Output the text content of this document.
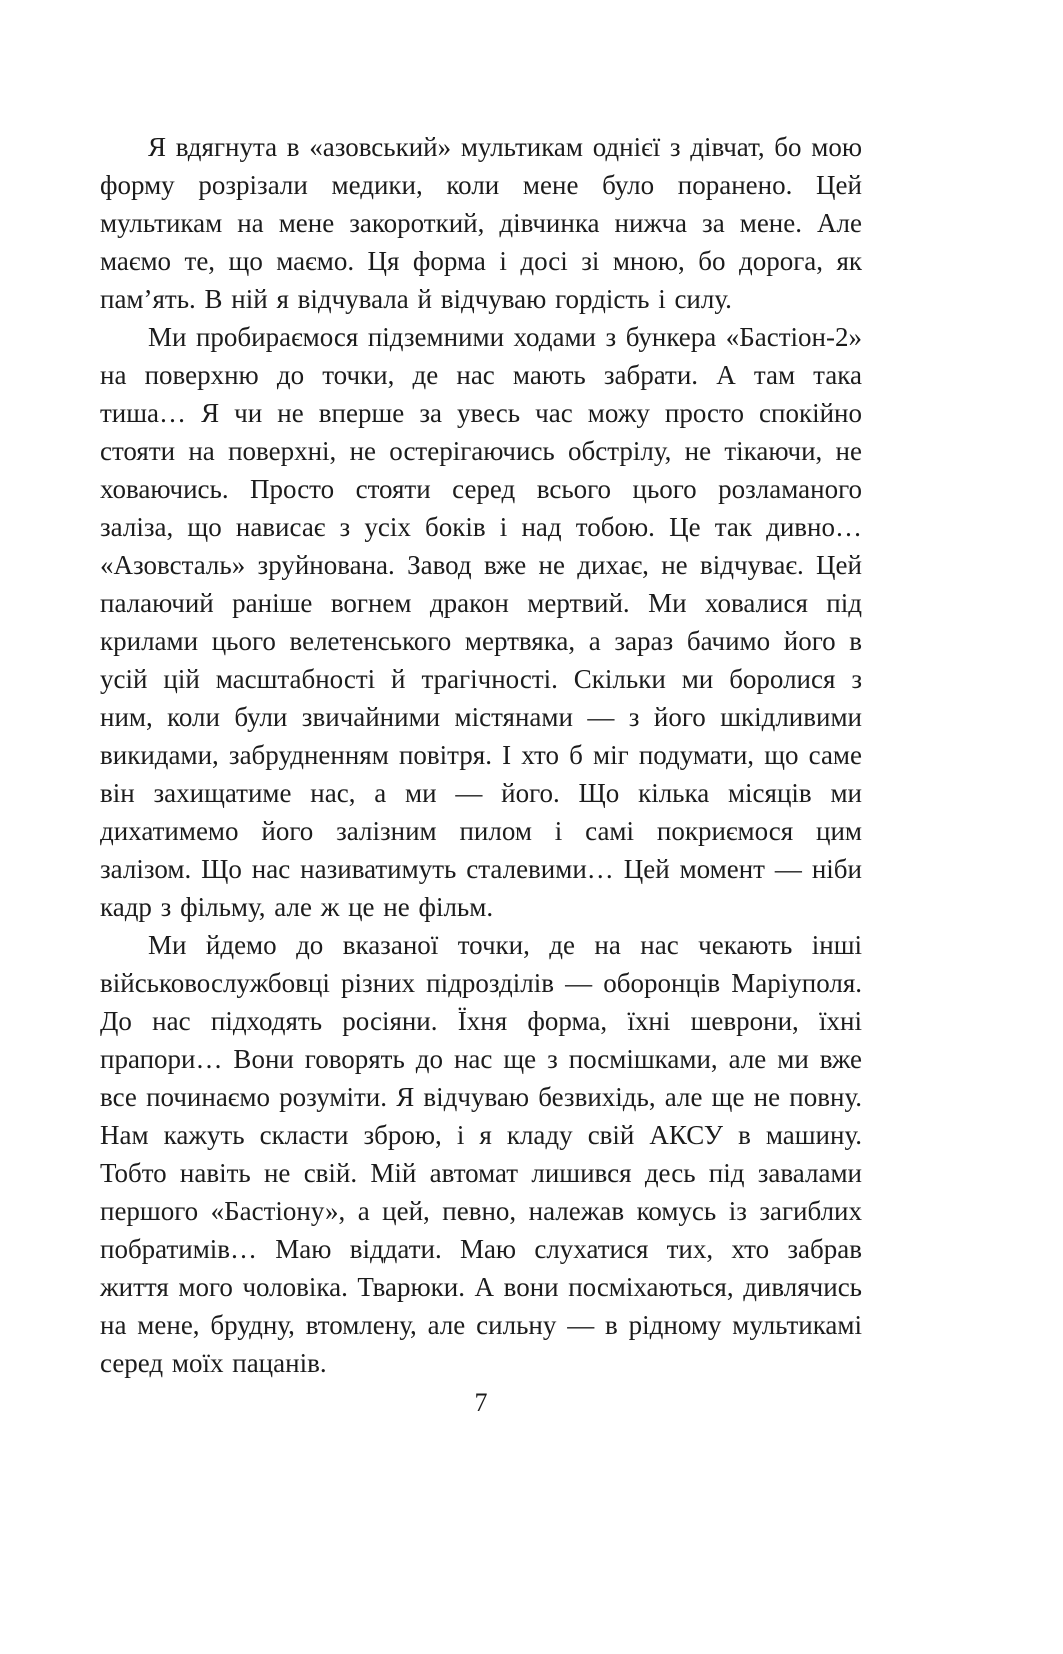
Я вдягнута в «азовський» мультикам однієї з дівчат, бо мою форму розрізали медики, коли мене було поранено. Цей мультикам на мене закороткий, дівчинка нижча за мене. Але маємо те, що маємо. Ця форма і досі зі мною, бо дорога, як пам’ять. В ній я відчувала й відчуваю гордість і силу.

Ми пробираємося підземними ходами з бункера «Бастіон-2» на поверхню до точки, де нас мають забрати. А там така тиша… Я чи не вперше за увесь час можу просто спокійно стояти на поверхні, не остерігаючись обстрілу, не тікаючи, не ховаючись. Просто стояти серед всього цього розламаного заліза, що нависає з усіх боків і над тобою. Це так дивно… «Азовсталь» зруйнована. Завод вже не дихає, не відчуває. Цей палаючий раніше вогнем дракон мертвий. Ми ховалися під крилами цього велетенського мертвяка, а зараз бачимо його в усій цій масштабності й трагічності. Скільки ми боролися з ним, коли були звичайними містянами — з його шкідливими викидами, забрудненням повітря. І хто б міг подумати, що саме він захищатиме нас, а ми — його. Що кілька місяців ми дихатимемо його залізним пилом і самі покриємося цим залізом. Що нас називатимуть сталевими… Цей момент — ніби кадр з фільму, але ж це не фільм.

Ми йдемо до вказаної точки, де на нас чекають інші військовослужбовці різних підрозділів — оборонців Маріуполя. До нас підходять росіяни. Їхня форма, їхні шеврони, їхні прапори… Вони говорять до нас ще з посмішками, але ми вже все починаємо розуміти. Я відчуваю безвихідь, але ще не повну. Нам кажуть скласти зброю, і я кладу свій АКСУ в машину. Тобто навіть не свій. Мій автомат лишився десь під завалами першого «Бастіону», а цей, певно, належав комусь із загиблих побратимів… Маю віддати. Маю слухатися тих, хто забрав життя мого чоловіка. Тварюки. А вони посміхаються, дивлячись на мене, брудну, втомлену, але сильну — в рідному мультикамі серед моїх пацанів.

7
